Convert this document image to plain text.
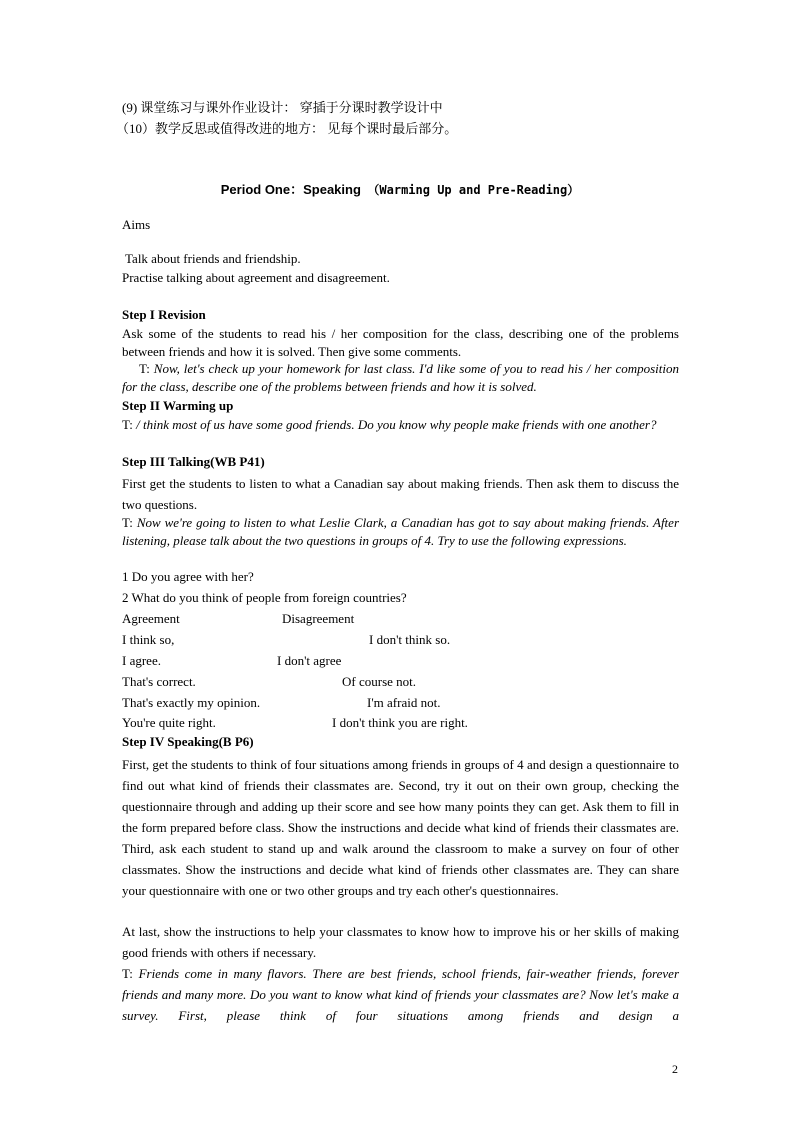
(9) 课堂练习与课外作业设计： 穿插于分课时教学设计中
（10）教学反思或值得改进的地方： 见每个课时最后部分。
Period One：Speaking （Warming Up and Pre-Reading）
Aims
Talk about friends and friendship.
Practise talking about agreement and disagreement.
Step I Revision

Ask some of the students to read his / her composition for the class, describing one of the problems between friends and how it is solved. Then give some comments.

T: Now, let's check up your homework for last class. I'd like some of you to read his / her composition for the class, describe one of the problems between friends and how it is solved.

Step II Warming up

T: / think most of us have some good friends. Do you know why people make friends with one another?

Step III Talking(WB P41)

First get the students to listen to what a Canadian say about making friends. Then ask them to discuss the two questions.

T: Now we're going to listen to what Leslie Clark, a Canadian has got to say about making friends. After listening, please talk about the two questions in groups of 4. Try to use the following expressions.

1 Do you agree with her?
2 What do you think of people from foreign countries?
Agreement	Disagreement
I think so,	I don't think so.
I agree.	I don't agree
That's correct.	Of course not.
That's exactly my opinion.	I'm afraid not.
You're quite right.	I don't think you are right.
Step IV Speaking(B P6)

First, get the students to think of four situations among friends in groups of 4 and design a questionnaire to find out what kind of friends their classmates are. Second, try it out on their own group, checking the questionnaire through and adding up their score and see how many points they can get. Ask them to fill in the form prepared before class. Show the instructions and decide what kind of friends their classmates are. Third, ask each student to stand up and walk around the classroom to make a survey on four of other classmates. Show the instructions and decide what kind of friends other classmates are. They can share your questionnaire with one or two other groups and try each other's questionnaires.

At last, show the instructions to help your classmates to know how to improve his or her skills of making good friends with others if necessary.

T: Friends come in many flavors. There are best friends, school friends, fair-weather friends, forever friends and many more. Do you want to know what kind of friends your classmates are? Now let's make a survey. First, please think of four situations among friends and design a

2
